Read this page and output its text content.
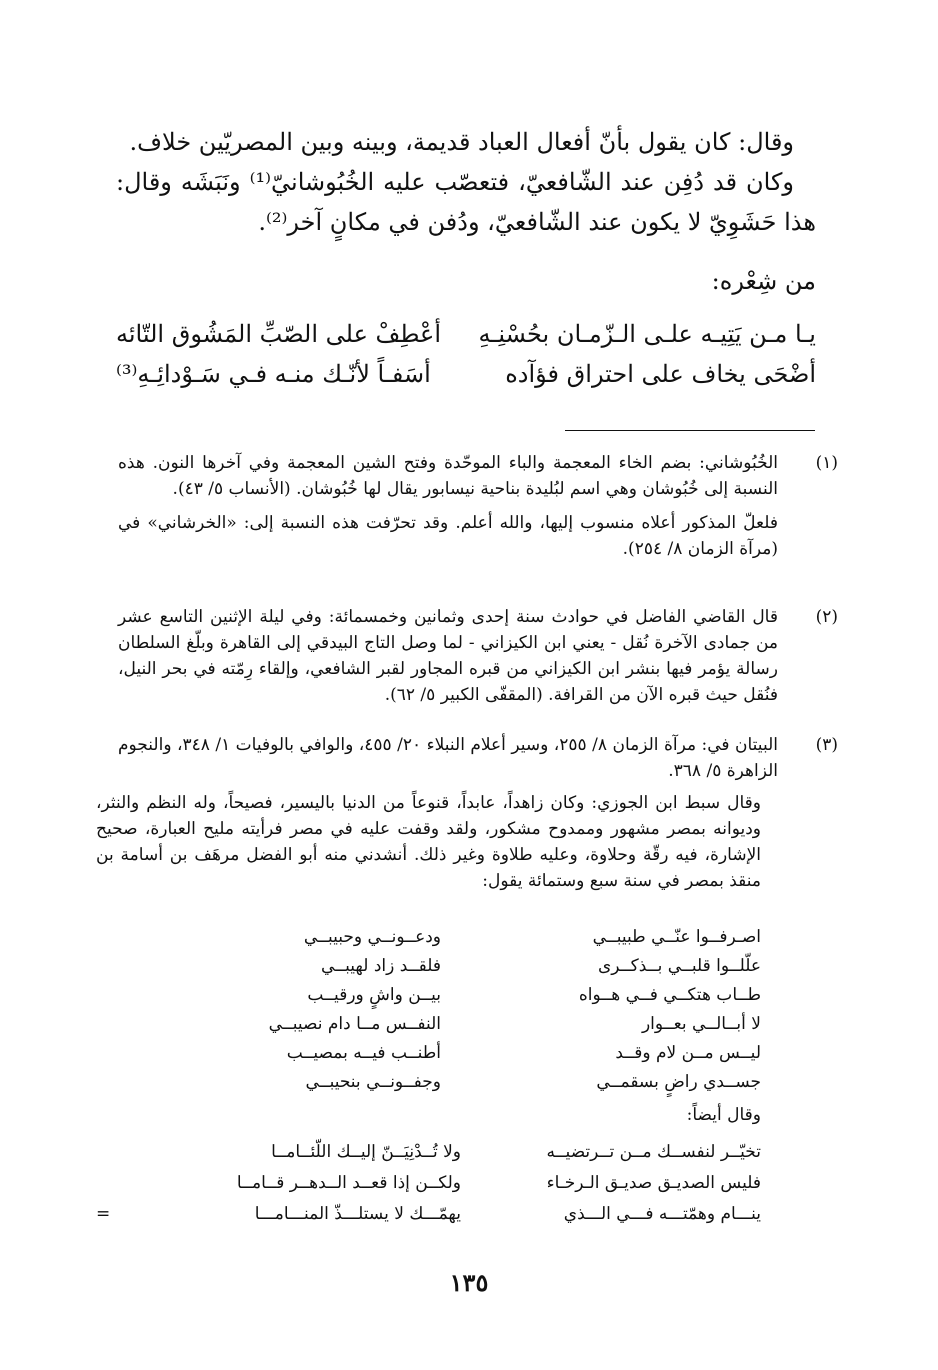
وقال: كان يقول بأنّ أفعال العباد قديمة، وبينه وبين المصريّين خلاف.

وكان قد دُفِن عند الشّافعيّ، فتعصّب عليه الخُبُوشانيّ⁽¹⁾ ونَبَشَه وقال: هذا حَشَوِيّ لا يكون عند الشّافعيّ، ودُفن في مكانٍ آخر⁽²⁾.

من شِعْره:
يـا مـن يَتِيـه علـى الـزّمـان بحُسْنِـهِ
أعْطِفْ على الصّبِّ المَشُوق التّائه
أضْحَى يخاف على احتراق فؤآده
أسَفـاً لأنّـك منـه فـي سَـوْدائِـهِ⁽³⁾
(١)

الخُبُوشاني: بضم الخاء المعجمة والباء الموحّدة وفتح الشين المعجمة وفي آخرها النون. هذه النسبة إلى خُبُوشان وهي اسم لبُليدة بناحية نيسابور يقال لها خُبُوشان. (الأنساب ٥/ ٤٣).

فلعلّ المذكور أعلاه منسوب إليها، والله أعلم. وقد تحرّفت هذه النسبة إلى: «الخرشاني» في (مرآة الزمان ٨/ ٢٥٤).

(٢)

قال القاضي الفاضل في حوادث سنة إحدى وثمانين وخمسمائة: وفي ليلة الإثنين التاسع عشر من جمادى الآخرة نُقل - يعني ابن الكيزاني - لما وصل التاج البيدقي إلى القاهرة وبلّغ السلطان رسالة يؤمر فيها بنشر ابن الكيزاني من قبره المجاور لقبر الشافعي، وإلقاء رِمّته في بحر النيل، فنُقل حيث قبره الآن من القرافة. (المقفّى الكبير ٥/ ٦٢).

(٣)

البيتان في: مرآة الزمان ٨/ ٢٥٥، وسير أعلام النبلاء ٢٠/ ٤٥٥، والوافي بالوفيات ١/ ٣٤٨، والنجوم الزاهرة ٥/ ٣٦٨.

وقال سبط ابن الجوزي: وكان زاهداً، عابداً، قنوعاً من الدنيا باليسير، فصيحاً، وله النظم والنثر، وديوانه بمصر مشهور وممدوح مشكور، ولقد وقفت عليه في مصر فرأيته مليح العبارة، صحيح الإشارة، فيه رقّة وحلاوة، وعليه طلاوة وغير ذلك. أنشدني منه أبو الفضل مرهَف بن أسامة بن منقذ بمصر في سنة سبع وستمائة يقول:

اصـرفــوا عنّــي طبيبــي
ودعــونــي وحبيبــي
علّلــوا قلبــي بــذكــرى
فلقــد زاد لهيبــي
طــاب هتكــي فــي هــواه
بيــن واشٍ ورقيــب
لا أبــالــي بعــوار
النفــس مــا دام نصيبــي
ليــس مــن لام وقــد
أطنــب فيــه بمصيــب
جســدي راضٍ بسقمــي
وجفــونــي بنحيبــي
وقال أيضاً:
تخيّــر لنفســك مــن تــرتضيــه
ولا تُــدْنِيَــنّ إليــك اللّئــامــا
فليس الصديـق صديـق الـرخـاء
ولكــن إذا قعــد الــدهــر قــامــا
ينـــام وهمّتـــه فـــي الـــذي
يهمّـــك لا يستلـــذّ المنـــامـــا
=
١٣٥
